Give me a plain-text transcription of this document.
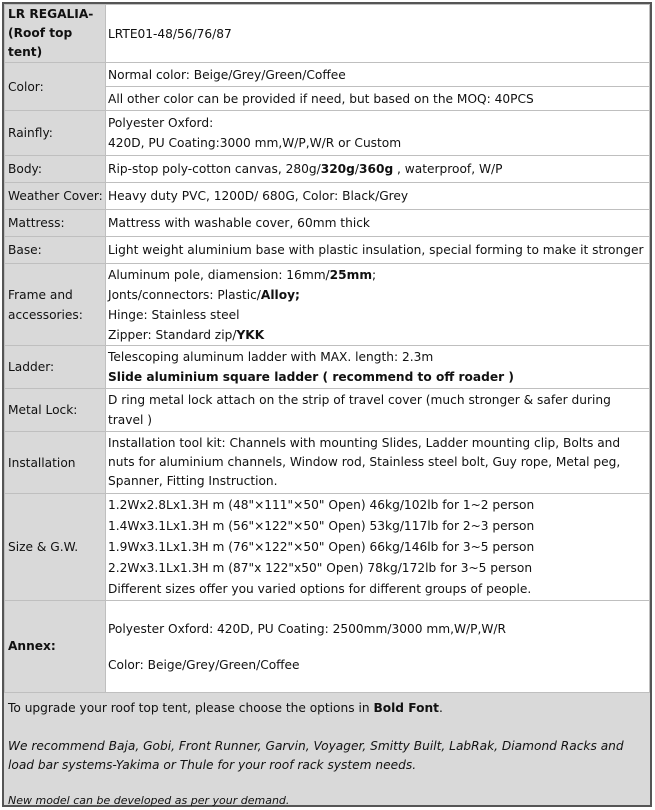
LR REGALIA-(Roof top tent)	LRTE01-48/56/76/87
Color:	Normal color: Beige/Grey/Green/Coffee
	All other color can be provided if need, but based on the MOQ: 40PCS
Rainfly:	Polyester Oxford:
420D, PU Coating:3000 mm,W/P,W/R or Custom

Body:	Rip-stop poly-cotton canvas, 280g/320g/360g , waterproof, W/P
Weather Cover:	Heavy duty PVC, 1200D/ 680G, Color: Black/Grey
Mattress:	Mattress with washable cover, 60mm thick
Base:	Light weight aluminium base with plastic insulation, special forming to make it stronger

Frame and accessories:	Aluminum pole, diamension: 16mm/25mm;
Jonts/connectors: Plastic/Alloy;
Hinge: Stainless steel
Zipper: Standard zip/YKK

Ladder:	Telescoping aluminum ladder with MAX. length: 2.3m
Slide aluminium square ladder ( recommend to off roader )

Metal Lock:	D ring metal lock attach on the strip of travel cover (much stronger & safer during travel )

Installation	Installation tool kit: Channels with mounting Slides, Ladder mounting clip, Bolts and nuts for aluminium channels, Window rod, Stainless steel bolt, Guy rope, Metal peg, Spanner, Fitting Instruction.

Size & G.W.	1.2Wx2.8Lx1.3H m (48"×111"×50" Open) 46kg/102lb for 1~2 person
1.4Wx3.1Lx1.3H m (56"×122"×50" Open) 53kg/117lb for 2~3 person
1.9Wx3.1Lx1.3H m (76"×122"×50" Open) 66kg/146lb for 3~5 person
2.2Wx3.1Lx1.3H m (87"x 122"x50" Open) 78kg/172lb for 3~5 person
Different sizes offer you varied options for different groups of people.

Annex:	Polyester Oxford: 420D, PU Coating: 2500mm/3000 mm,W/P,W/R
Color: Beige/Grey/Green/Coffee

To upgrade your roof top tent, please choose the options in Bold Font.

We recommend Baja, Gobi, Front Runner, Garvin, Voyager, Smitty Built, LabRak, Diamond Racks and load bar systems-Yakima or Thule for your roof rack system needs.

New model can be developed as per your demand.
